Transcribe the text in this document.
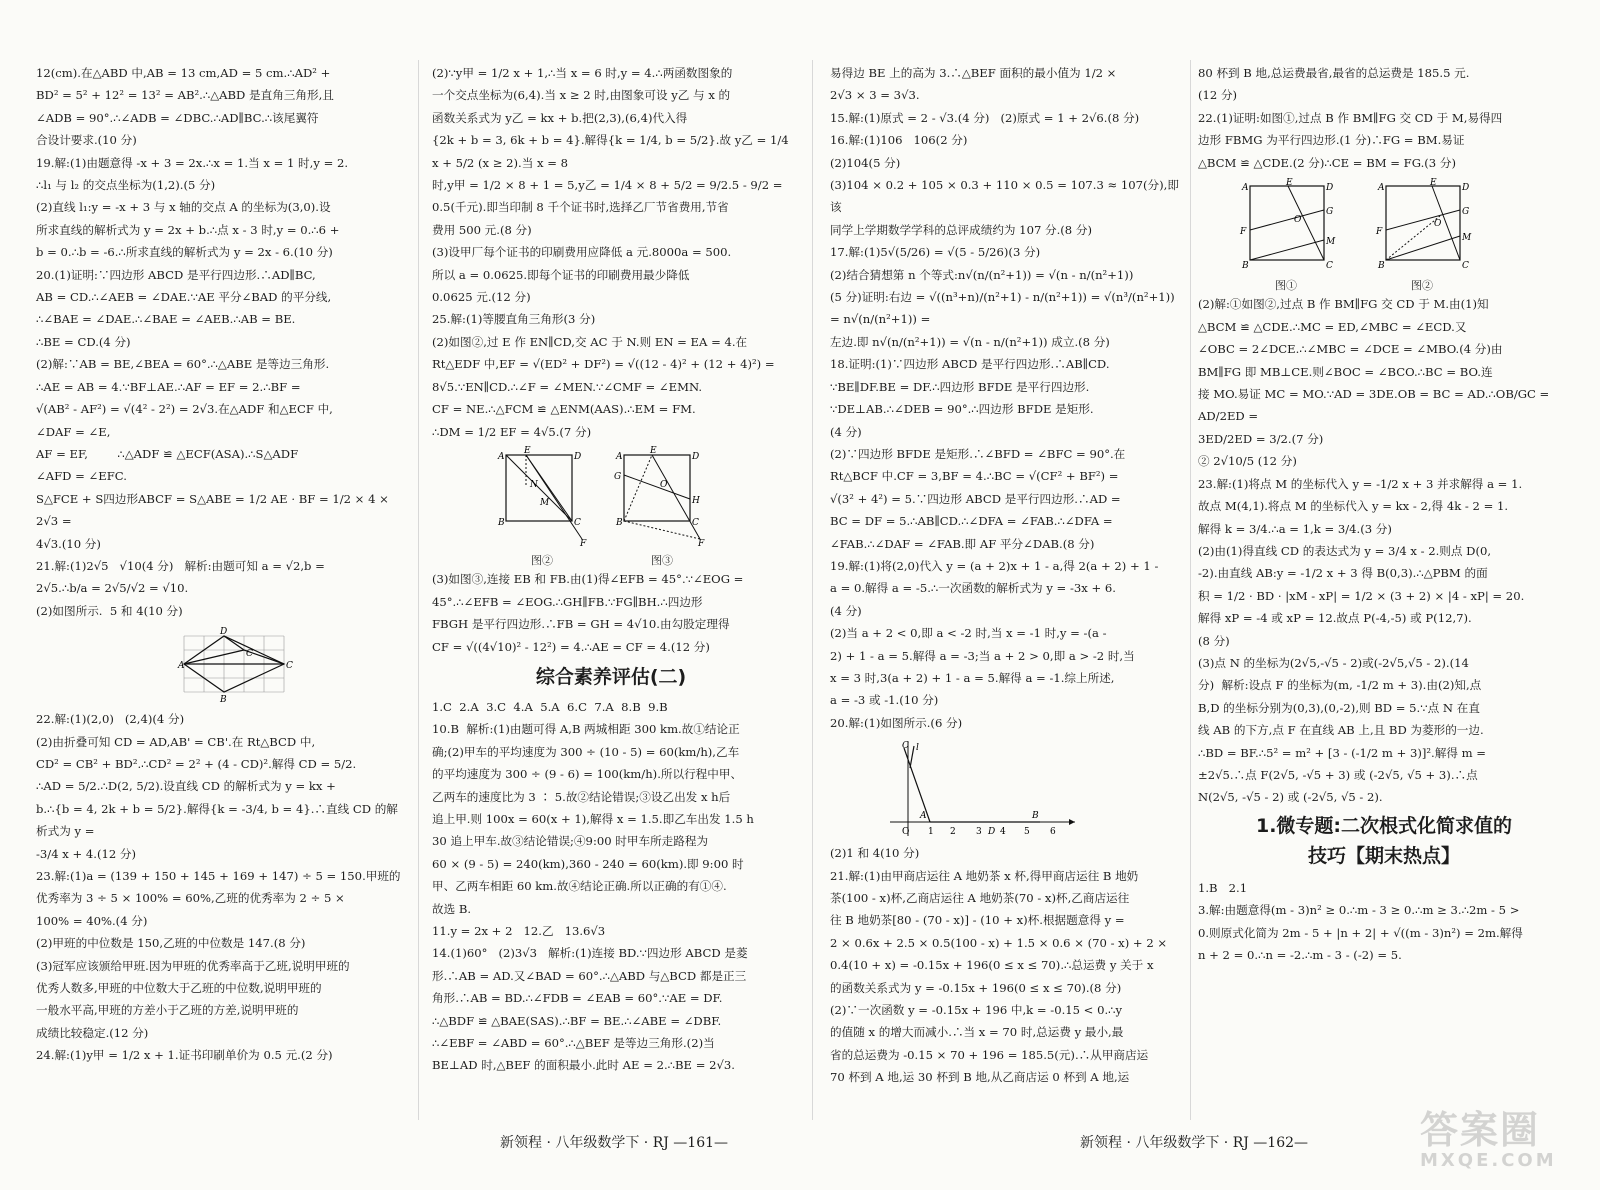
12(cm).在△ABD 中,AB = 13 cm,AD = 5 cm.∴AD² +

BD² = 5² + 12² = 13² = AB².∴△ABD 是直角三角形,且

∠ADB = 90°.∴∠ADB = ∠DBC.∴AD∥BC.∴该尾翼符

合设计要求.(10 分)

19.解:(1)由题意得 -x + 3 = 2x.∴x = 1.当 x = 1 时,y = 2.

∴l₁ 与 l₂ 的交点坐标为(1,2).(5 分)

(2)直线 l₁:y = -x + 3 与 x 轴的交点 A 的坐标为(3,0).设

所求直线的解析式为 y = 2x + b.∴点 x - 3 时,y = 0.∴6 +

b = 0.∴b = -6.∴所求直线的解析式为 y = 2x - 6.(10 分)

20.(1)证明:∵四边形 ABCD 是平行四边形.∴AD∥BC,

AB = CD.∴∠AEB = ∠DAE.∵AE 平分∠BAD 的平分线,

∴∠BAE = ∠DAE.∴∠BAE = ∠AEB.∴AB = BE.

∴BE = CD.(4 分)

(2)解:∵AB = BE,∠BEA = 60°.∴△ABE 是等边三角形.

∴AE = AB = 4.∵BF⊥AE.∴AF = EF = 2.∴BF =

√(AB² - AF²) = √(4² - 2²) = 2√3.在△ADF 和△ECF 中,

∠DAF = ∠E,

AF = EF,        ∴△ADF ≌ △ECF(ASA).∴S△ADF

∠AFD = ∠EFC.

S△FCE + S四边形ABCF = S△ABE = 1/2 AE · BF = 1/2 × 4 × 2√3 =

4√3.(10 分)

21.解:(1)2√5   √10(4 分)   解析:由题可知 a = √2,b =

2√5.∴b/a = 2√5/√2 = √10.

(2)如图所示.  5 和 4(10 分)

A
D
B
C
C

22.解:(1)(2,0)   (2,4)(4 分)

(2)由折叠可知 CD = AD,AB' = CB'.在 Rt△BCD 中,

CD² = CB² + BD².∴CD² = 2² + (4 - CD)².解得 CD = 5/2.

∴AD = 5/2.∴D(2, 5/2).设直线 CD 的解析式为 y = kx +

b.∴{b = 4, 2k + b = 5/2}.解得{k = -3/4, b = 4}.∴直线 CD 的解析式为 y =

-3/4 x + 4.(12 分)

23.解:(1)a = (139 + 150 + 145 + 169 + 147) ÷ 5 = 150.甲班的

优秀率为 3 ÷ 5 × 100% = 60%,乙班的优秀率为 2 ÷ 5 ×

100% = 40%.(4 分)

(2)甲班的中位数是 150,乙班的中位数是 147.(8 分)

(3)冠军应该颁给甲班.因为甲班的优秀率高于乙班,说明甲班的

优秀人数多,甲班的中位数大于乙班的中位数,说明甲班的

一般水平高,甲班的方差小于乙班的方差,说明甲班的

成绩比较稳定.(12 分)

24.解:(1)y甲 = 1/2 x + 1.证书印刷单价为 0.5 元.(2 分)

(2)∵y甲 = 1/2 x + 1,∴当 x = 6 时,y = 4.∴两函数图象的

一个交点坐标为(6,4).当 x ≥ 2 时,由图象可设 y乙 与 x 的

函数关系式为 y乙 = kx + b.把(2,3),(6,4)代入得

{2k + b = 3, 6k + b = 4}.解得{k = 1/4, b = 5/2}.故 y乙 = 1/4 x + 5/2 (x ≥ 2).当 x = 8

时,y甲 = 1/2 × 8 + 1 = 5,y乙 = 1/4 × 8 + 5/2 = 9/2.5 - 9/2 =

0.5(千元).即当印制 8 千个证书时,选择乙厂节省费用,节省

费用 500 元.(8 分)

(3)设甲厂每个证书的印刷费用应降低 a 元.8000a = 500.

所以 a = 0.0625.即每个证书的印刷费用最少降低

0.0625 元.(12 分)

25.解:(1)等腰直角三角形(3 分)

(2)如图②,过 E 作 EN∥CD,交 AC 于 N.则 EN = EA = 4.在

Rt△EDF 中,EF = √(ED² + DF²) = √((12 - 4)² + (12 + 4)²) =

8√5.∵EN∥CD.∴∠F = ∠MEN.∵∠CMF = ∠EMN.

CF = NE.∴△FCM ≌ △ENM(AAS).∴EM = FM.

∴DM = 1/2 EF = 4√5.(7 分)

A
E
D
B	C
N
M
F
图②
A
E
D
G
O
H
B	C
F
图③

(3)如图③,连接 EB 和 FB.由(1)得∠EFB = 45°.∵∠EOG =

45°.∴∠EFB = ∠EOG.∴GH∥FB.∵FG∥BH.∴四边形

FBGH 是平行四边形.∴FB = GH = 4√10.由勾股定理得

CF = √((4√10)² - 12²) = 4.∴AE = CF = 4.(12 分)

综合素养评估(二)

1.C  2.A  3.C  4.A  5.A  6.C  7.A  8.B  9.B

10.B  解析:(1)由题可得 A,B 两城相距 300 km.故①结论正

确;(2)甲车的平均速度为 300 ÷ (10 - 5) = 60(km/h),乙车

的平均速度为 300 ÷ (9 - 6) = 100(km/h).所以行程中甲、

乙两车的速度比为 3 ∶ 5.故②结论错误;③设乙出发 x h后

追上甲.则 100x = 60(x + 1),解得 x = 1.5.即乙车出发 1.5 h

30 追上甲车.故③结论错误;④9:00 时甲车所走路程为

60 × (9 - 5) = 240(km),360 - 240 = 60(km).即 9:00 时

甲、乙两车相距 60 km.故④结论正确.所以正确的有①④.

故选 B.

11.y = 2x + 2   12.乙   13.6√3

14.(1)60°   (2)3√3   解析:(1)连接 BD.∵四边形 ABCD 是菱

形.∴AB = AD.又∠BAD = 60°.∴△ABD 与△BCD 都是正三

角形.∴AB = BD.∴∠FDB = ∠EAB = 60°.∵AE = DF.

∴△BDF ≌ △BAE(SAS).∴BF = BE.∴∠ABE = ∠DBF.

∴∠EBF = ∠ABD = 60°.∴△BEF 是等边三角形.(2)当

BE⊥AD 时,△BEF 的面积最小.此时 AE = 2.∴BE = 2√3.

易得边 BE 上的高为 3.∴△BEF 面积的最小值为 1/2 ×

2√3 × 3 = 3√3.

15.解:(1)原式 = 2 - √3.(4 分)   (2)原式 = 1 + 2√6.(8 分)

16.解:(1)106   106(2 分)

(2)104(5 分)

(3)104 × 0.2 + 105 × 0.3 + 110 × 0.5 = 107.3 ≈ 107(分),即该

同学上学期数学学科的总评成绩约为 107 分.(8 分)

17.解:(1)5√(5/26) = √(5 - 5/26)(3 分)

(2)结合猜想第 n 个等式:n√(n/(n²+1)) = √(n - n/(n²+1))

(5 分)证明:右边 = √((n³+n)/(n²+1) - n/(n²+1)) = √(n³/(n²+1)) = n√(n/(n²+1)) =

左边.即 n√(n/(n²+1)) = √(n - n/(n²+1)) 成立.(8 分)

18.证明:(1)∵四边形 ABCD 是平行四边形.∴AB∥CD.

∵BE∥DF.BE = DF.∴四边形 BFDE 是平行四边形.

∵DE⊥AB.∴∠DEB = 90°.∴四边形 BFDE 是矩形.

(4 分)

(2)∵四边形 BFDE 是矩形.∴∠BFD = ∠BFC = 90°.在

Rt△BCF 中.CF = 3,BF = 4.∴BC = √(CF² + BF²) =

√(3² + 4²) = 5.∵四边形 ABCD 是平行四边形.∴AD =

BC = DF = 5.∴AB∥CD.∴∠DFA = ∠FAB.∴∠DFA =

∠FAB.∴∠DAF = ∠FAB.即 AF 平分∠DAB.(8 分)

19.解:(1)将(2,0)代入 y = (a + 2)x + 1 - a,得 2(a + 2) + 1 -

a = 0.解得 a = -5.∴一次函数的解析式为 y = -3x + 6.

(4 分)

(2)当 a + 2 < 0,即 a < -2 时,当 x = -1 时,y = -(a -

2) + 1 - a = 5.解得 a = -3;当 a + 2 > 0,即 a > -2 时,当

x = 3 时,3(a + 2) + 1 - a = 5.解得 a = -1.综上所述,

a = -3 或 -1.(10 分)

20.解:(1)如图所示.(6 分)

O 1 2 3 D 4 5 6
A	B
C l

(2)1 和 4(10 分)

21.解:(1)由甲商店运往 A 地奶茶 x 杯,得甲商店运往 B 地奶

茶(100 - x)杯,乙商店运往 A 地奶茶(70 - x)杯,乙商店运往

往 B 地奶茶[80 - (70 - x)] - (10 + x)杯.根据题意得 y =

2 × 0.6x + 2.5 × 0.5(100 - x) + 1.5 × 0.6 × (70 - x) + 2 ×

0.4(10 + x) = -0.15x + 196(0 ≤ x ≤ 70).∴总运费 y 关于 x

的函数关系式为 y = -0.15x + 196(0 ≤ x ≤ 70).(8 分)

(2)∵一次函数 y = -0.15x + 196 中,k = -0.15 < 0.∴y

的值随 x 的增大而减小.∴当 x = 70 时,总运费 y 最小,最

省的总运费为 -0.15 × 70 + 196 = 185.5(元).∴从甲商店运

70 杯到 A 地,运 30 杯到 B 地,从乙商店运 0 杯到 A 地,运

80 杯到 B 地,总运费最省,最省的总运费是 185.5 元.

(12 分)

22.(1)证明:如图①,过点 B 作 BM∥FG 交 CD 于 M,易得四

边形 FBMG 为平行四边形.(1 分)∴FG = BM.易证

△BCM ≌ △CDE.(2 分)∴CE = BM = FG.(3 分)

A	E	D
F
O
G
M
B	C
图①
A	E	D
F
O
G
M
B	C
图②

(2)解:①如图②,过点 B 作 BM∥FG 交 CD 于 M.由(1)知

△BCM ≌ △CDE.∴MC = ED,∠MBC = ∠ECD.又

∠OBC = 2∠DCE.∴∠MBC = ∠DCE = ∠MBO.(4 分)由

BM∥FG 即 MB⊥CE.则∠BOC = ∠BCO.∴BC = BO.连

接 MO.易证 MC = MO.∵AD = 3DE.OB = BC = AD.∴OB/GC = AD/2ED =

3ED/2ED = 3/2.(7 分)

② 2√10/5 (12 分)

23.解:(1)将点 M 的坐标代入 y = -1/2 x + 3 并求解得 a = 1.

故点 M(4,1).将点 M 的坐标代入 y = kx - 2,得 4k - 2 = 1.

解得 k = 3/4.∴a = 1,k = 3/4.(3 分)

(2)由(1)得直线 CD 的表达式为 y = 3/4 x - 2.则点 D(0,

-2).由直线 AB:y = -1/2 x + 3 得 B(0,3).∴△PBM 的面

积 = 1/2 · BD · |xM - xP| = 1/2 × (3 + 2) × |4 - xP| = 20.

解得 xP = -4 或 xP = 12.故点 P(-4,-5) 或 P(12,7).

(8 分)

(3)点 N 的坐标为(2√5,-√5 - 2)或(-2√5,√5 - 2).(14

分)  解析:设点 F 的坐标为(m, -1/2 m + 3).由(2)知,点

B,D 的坐标分别为(0,3),(0,-2),则 BD = 5.∵点 N 在直

线 AB 的下方,点 F 在直线 AB 上,且 BD 为菱形的一边.

∴BD = BF.∴5² = m² + [3 - (-1/2 m + 3)]².解得 m =

±2√5.∴点 F(2√5, -√5 + 3) 或 (-2√5, √5 + 3).∴点

N(2√5, -√5 - 2) 或 (-2√5, √5 - 2).

1.微专题:二次根式化简求值的
技巧【期末热点】

1.B   2.1

3.解:由题意得(m - 3)n² ≥ 0.∴m - 3 ≥ 0.∴m ≥ 3.∴2m - 5 >

0.则原式化简为 2m - 5 + |n + 2| + √((m - 3)n²) = 2m.解得

n + 2 = 0.∴n = -2.∴m - 3 - (-2) = 5.

新领程 · 八年级数学下 · RJ —161—	新领程 · 八年级数学下 · RJ —162—	答案圈
MXQE.COM
